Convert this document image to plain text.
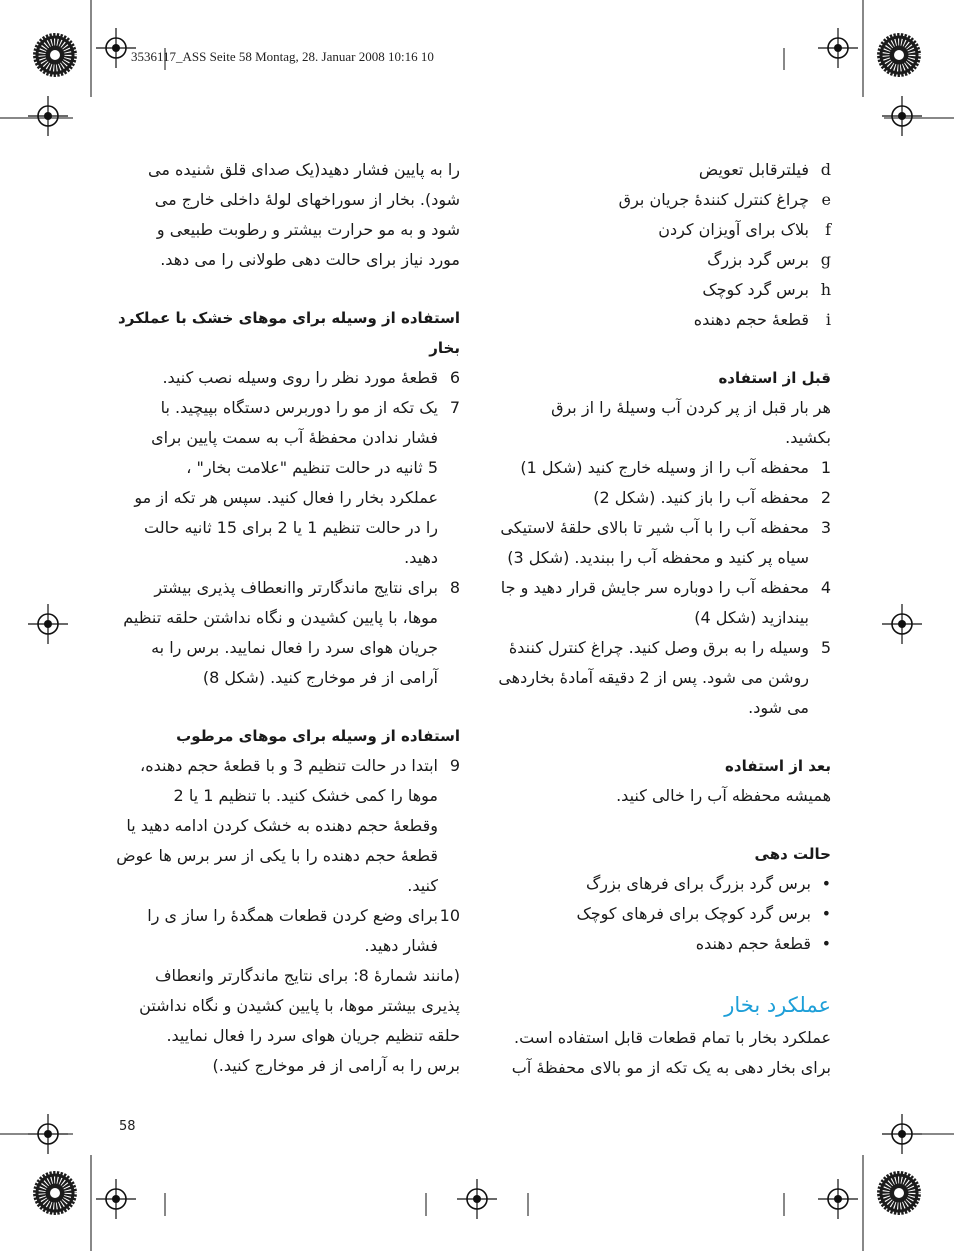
3536117_ASS Seite 58 Montag, 28. Januar 2008 10:16 10
d
فیلترقابل تعویض
e
چراغ کنترل کنندهٔ جریان برق
f
بلاک برای آویزان کردن
g
برس گرد بزرگ
h
برس گرد کوچک
i
قطعهٔ حجم دهنده
قبل از استفاده
هر بار قبل از پر کردن آب وسیلهٔ را از برق
بکشید.
1
محفظه آب را از وسیله خارج کنید (شکل 1)
2
محفظه آب را باز کنید. (شکل 2)
3
محفظه آب را با آب شیر تا بالای حلقهٔ لاستیکی
سیاه پر کنید و محفظه آب را ببندید. (شکل 3)
4
محفظه آب را دوباره سر جایش قرار دهید و جا
بیندازید (شکل 4)
5
وسیله را به برق وصل کنید. چراغ کنترل کنندهٔ
روشن می شود. پس از 2 دقیقه آمادهٔ بخاردهی
می شود.
بعد از استفاده
همیشه محفظه آب را خالی کنید.
حالت دهی
•
برس گرد بزرگ برای فرهای بزرگ
•
برس گرد کوچک برای فرهای کوچک
•
قطعهٔ حجم دهنده
عملکرد بخار
عملکرد بخار با تمام قطعات قابل استفاده است.
برای بخار دهی به یک تکه از مو بالای محفظهٔ آب
را به پایین فشار دهید(یک صدای قلق شنیده می
شود). بخار از سوراخهای لولهٔ داخلی خارج می
شود و به مو حرارت بیشتر و رطوبت طبیعی و
مورد نیاز برای حالت دهی طولانی را می دهد.
استفاده از وسیله برای موهای خشک با عملکرد
بخار
6
قطعهٔ مورد نظر را روی وسیله نصب کنید.
7
یک تکه از مو را دوربرس دستگاه بپیچید. با
فشار ندادن محفظهٔ آب به سمت پایین برای
5 ثانیه در حالت تنظیم "علامت بخار" ،
عملکرد بخار را فعال کنید. سپس هر تکه از مو
را در حالت تنظیم 1 یا 2 برای 15 ثانیه حالت
دهید.
8
برای نتایج ماندگارتر واانعطاف پذیری بیشتر
موها، با پایین کشیدن و نگاه نداشتن حلقه تنظیم
جریان هوای سرد را فعال نمایید. برس را به
آرامی از فر موخارج کنید. (شکل 8)
استفاده از وسیله برای موهای مرطوب
9
ابتدا در حالت تنظیم 3 و با قطعهٔ حجم دهنده،
موها را کمی خشک کنید. با تنظیم 1 یا 2
وقطعهٔ حجم دهنده به خشک کردن ادامه دهید یا
قطعهٔ حجم دهنده را با یکی از سر برس ها عوض
کنید.
10
برای وضع کردن قطعات همگدهٔ را ساز ی را
فشار دهید.
(مانند شمارهٔ 8: برای نتایج ماندگارتر وانعطاف
پذیری بیشتر موها، با پایین کشیدن و نگاه نداشتن
حلقه تنظیم جریان هوای سرد را فعال نمایید.
برس را به آرامی از فر موخارج کنید.)
58
